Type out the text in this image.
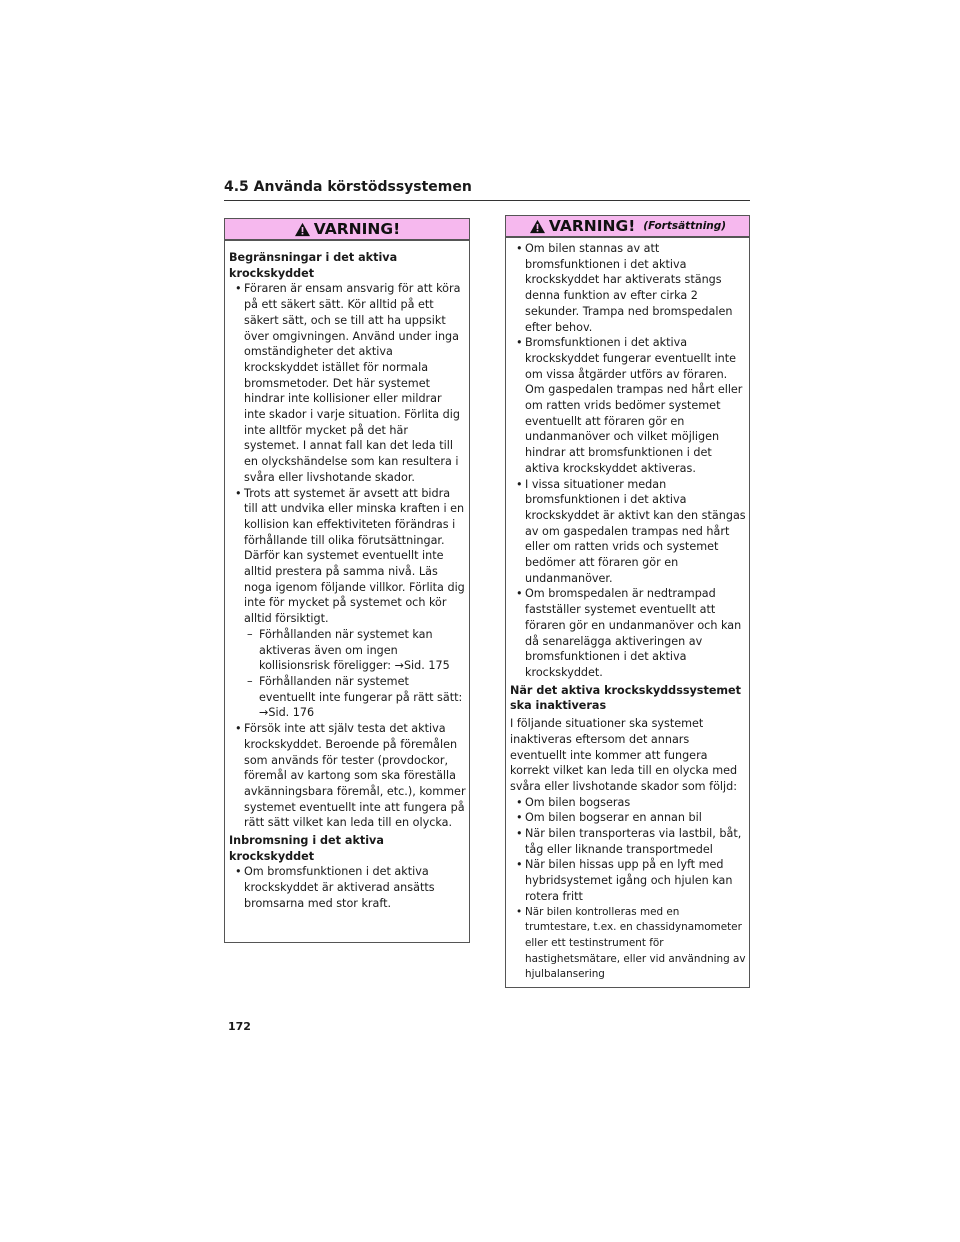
4.5 Använda körstödssystemen
VARNING!
Begränsningar i det aktiva krockskyddet
• Föraren är ensam ansvarig för att köra på ett säkert sätt. Kör alltid på ett säkert sätt, och se till att ha uppsikt över omgivningen. Använd under inga omständigheter det aktiva krockskyddet istället för normala bromsmetoder. Det här systemet hindrar inte kollisioner eller mildrar inte skador i varje situation. Förlita dig inte alltför mycket på det här systemet. I annat fall kan det leda till en olyckshändelse som kan resultera i svåra eller livshotande skador.
• Trots att systemet är avsett att bidra till att undvika eller minska kraften i en kollision kan effektiviteten förändras i förhållande till olika förutsättningar. Därför kan systemet eventuellt inte alltid prestera på samma nivå. Läs noga igenom följande villkor. Förlita dig inte för mycket på systemet och kör alltid försiktigt.
– Förhållanden när systemet kan aktiveras även om ingen kollisionsrisk föreligger: →Sid. 175
– Förhållanden när systemet eventuellt inte fungerar på rätt sätt: →Sid. 176
• Försök inte att själv testa det aktiva krockskyddet. Beroende på föremålen som används för tester (provdockor, föremål av kartong som ska föreställa avkänningsbara föremål, etc.), kommer systemet eventuellt inte att fungera på rätt sätt vilket kan leda till en olycka.
Inbromsning i det aktiva krockskyddet
• Om bromsfunktionen i det aktiva krockskyddet är aktiverad ansätts bromsarna med stor kraft.
VARNING! (Fortsättning)
• Om bilen stannas av att bromsfunktionen i det aktiva krockskyddet har aktiverats stängs denna funktion av efter cirka 2 sekunder. Trampa ned bromspedalen efter behov.
• Bromsfunktionen i det aktiva krockskyddet fungerar eventuellt inte om vissa åtgärder utförs av föraren. Om gaspedalen trampas ned hårt eller om ratten vrids bedömer systemet eventuellt att föraren gör en undanmanöver och vilket möjligen hindrar att bromsfunktionen i det aktiva krockskyddet aktiveras.
• I vissa situationer medan bromsfunktionen i det aktiva krockskyddet är aktivt kan den stängas av om gaspedalen trampas ned hårt eller om ratten vrids och systemet bedömer att föraren gör en undanmanöver.
• Om bromspedalen är nedtrampad fastställer systemet eventuellt att föraren gör en undanmanöver och kan då senarelägga aktiveringen av bromsfunktionen i det aktiva krockskyddet.
När det aktiva krockskyddssystemet ska inaktiveras
I följande situationer ska systemet inaktiveras eftersom det annars eventuellt inte kommer att fungera korrekt vilket kan leda till en olycka med svåra eller livshotande skador som följd:
• Om bilen bogseras
• Om bilen bogserar en annan bil
• När bilen transporteras via lastbil, båt, tåg eller liknande transportmedel
• När bilen hissas upp på en lyft med hybridsystemet igång och hjulen kan rotera fritt
• När bilen kontrolleras med en trumtestare, t.ex. en chassidynamometer eller ett testinstrument för hastighetsmätare, eller vid användning av hjulbalansering
172
